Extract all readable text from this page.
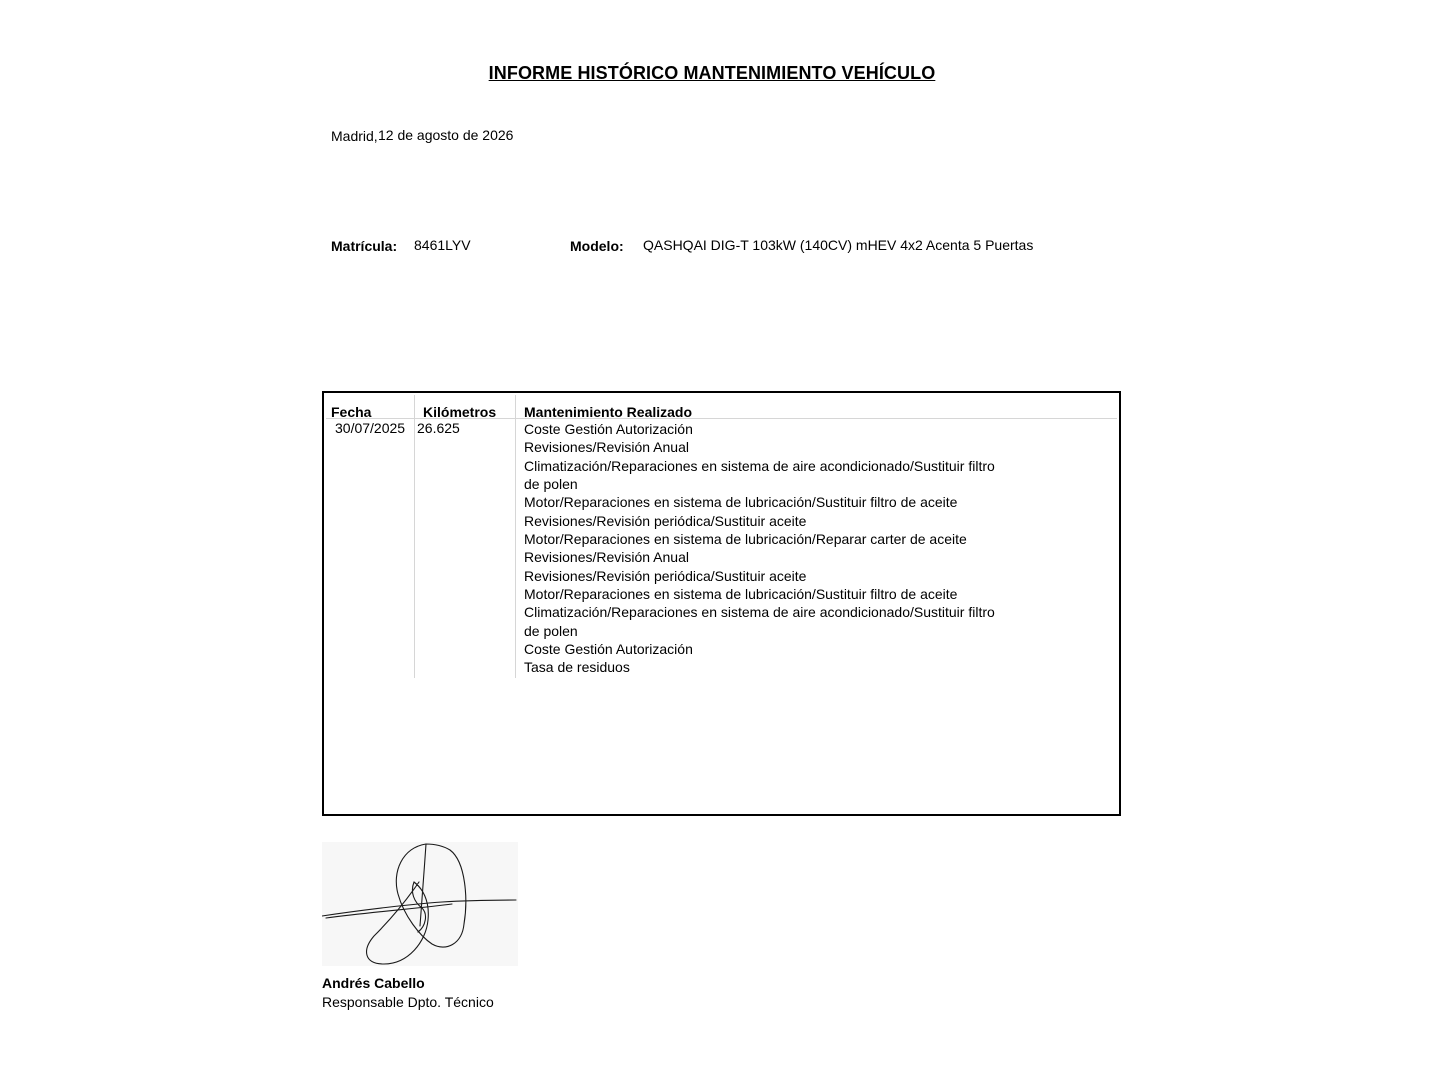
INFORME HISTÓRICO MANTENIMIENTO VEHÍCULO
Madrid, 12 de agosto de 2026
Matrícula: 8461LYV	Modelo: QASHQAI DIG-T 103kW (140CV) mHEV 4x2 Acenta 5 Puertas
Fecha	Kilómetros Mantenimiento Realizado
30/07/2025 26.625	Coste Gestión Autorización
Revisiones/Revisión Anual
Climatización/Reparaciones en sistema de aire acondicionado/Sustituir filtro de polen
Motor/Reparaciones en sistema de lubricación/Sustituir filtro de aceite
Revisiones/Revisión periódica/Sustituir aceite
Motor/Reparaciones en sistema de lubricación/Reparar carter de aceite
Revisiones/Revisión Anual
Revisiones/Revisión periódica/Sustituir aceite
Motor/Reparaciones en sistema de lubricación/Sustituir filtro de aceite
Climatización/Reparaciones en sistema de aire acondicionado/Sustituir filtro de polen
Coste Gestión Autorización
Tasa de residuos
Andrés Cabello
Responsable Dpto. Técnico
